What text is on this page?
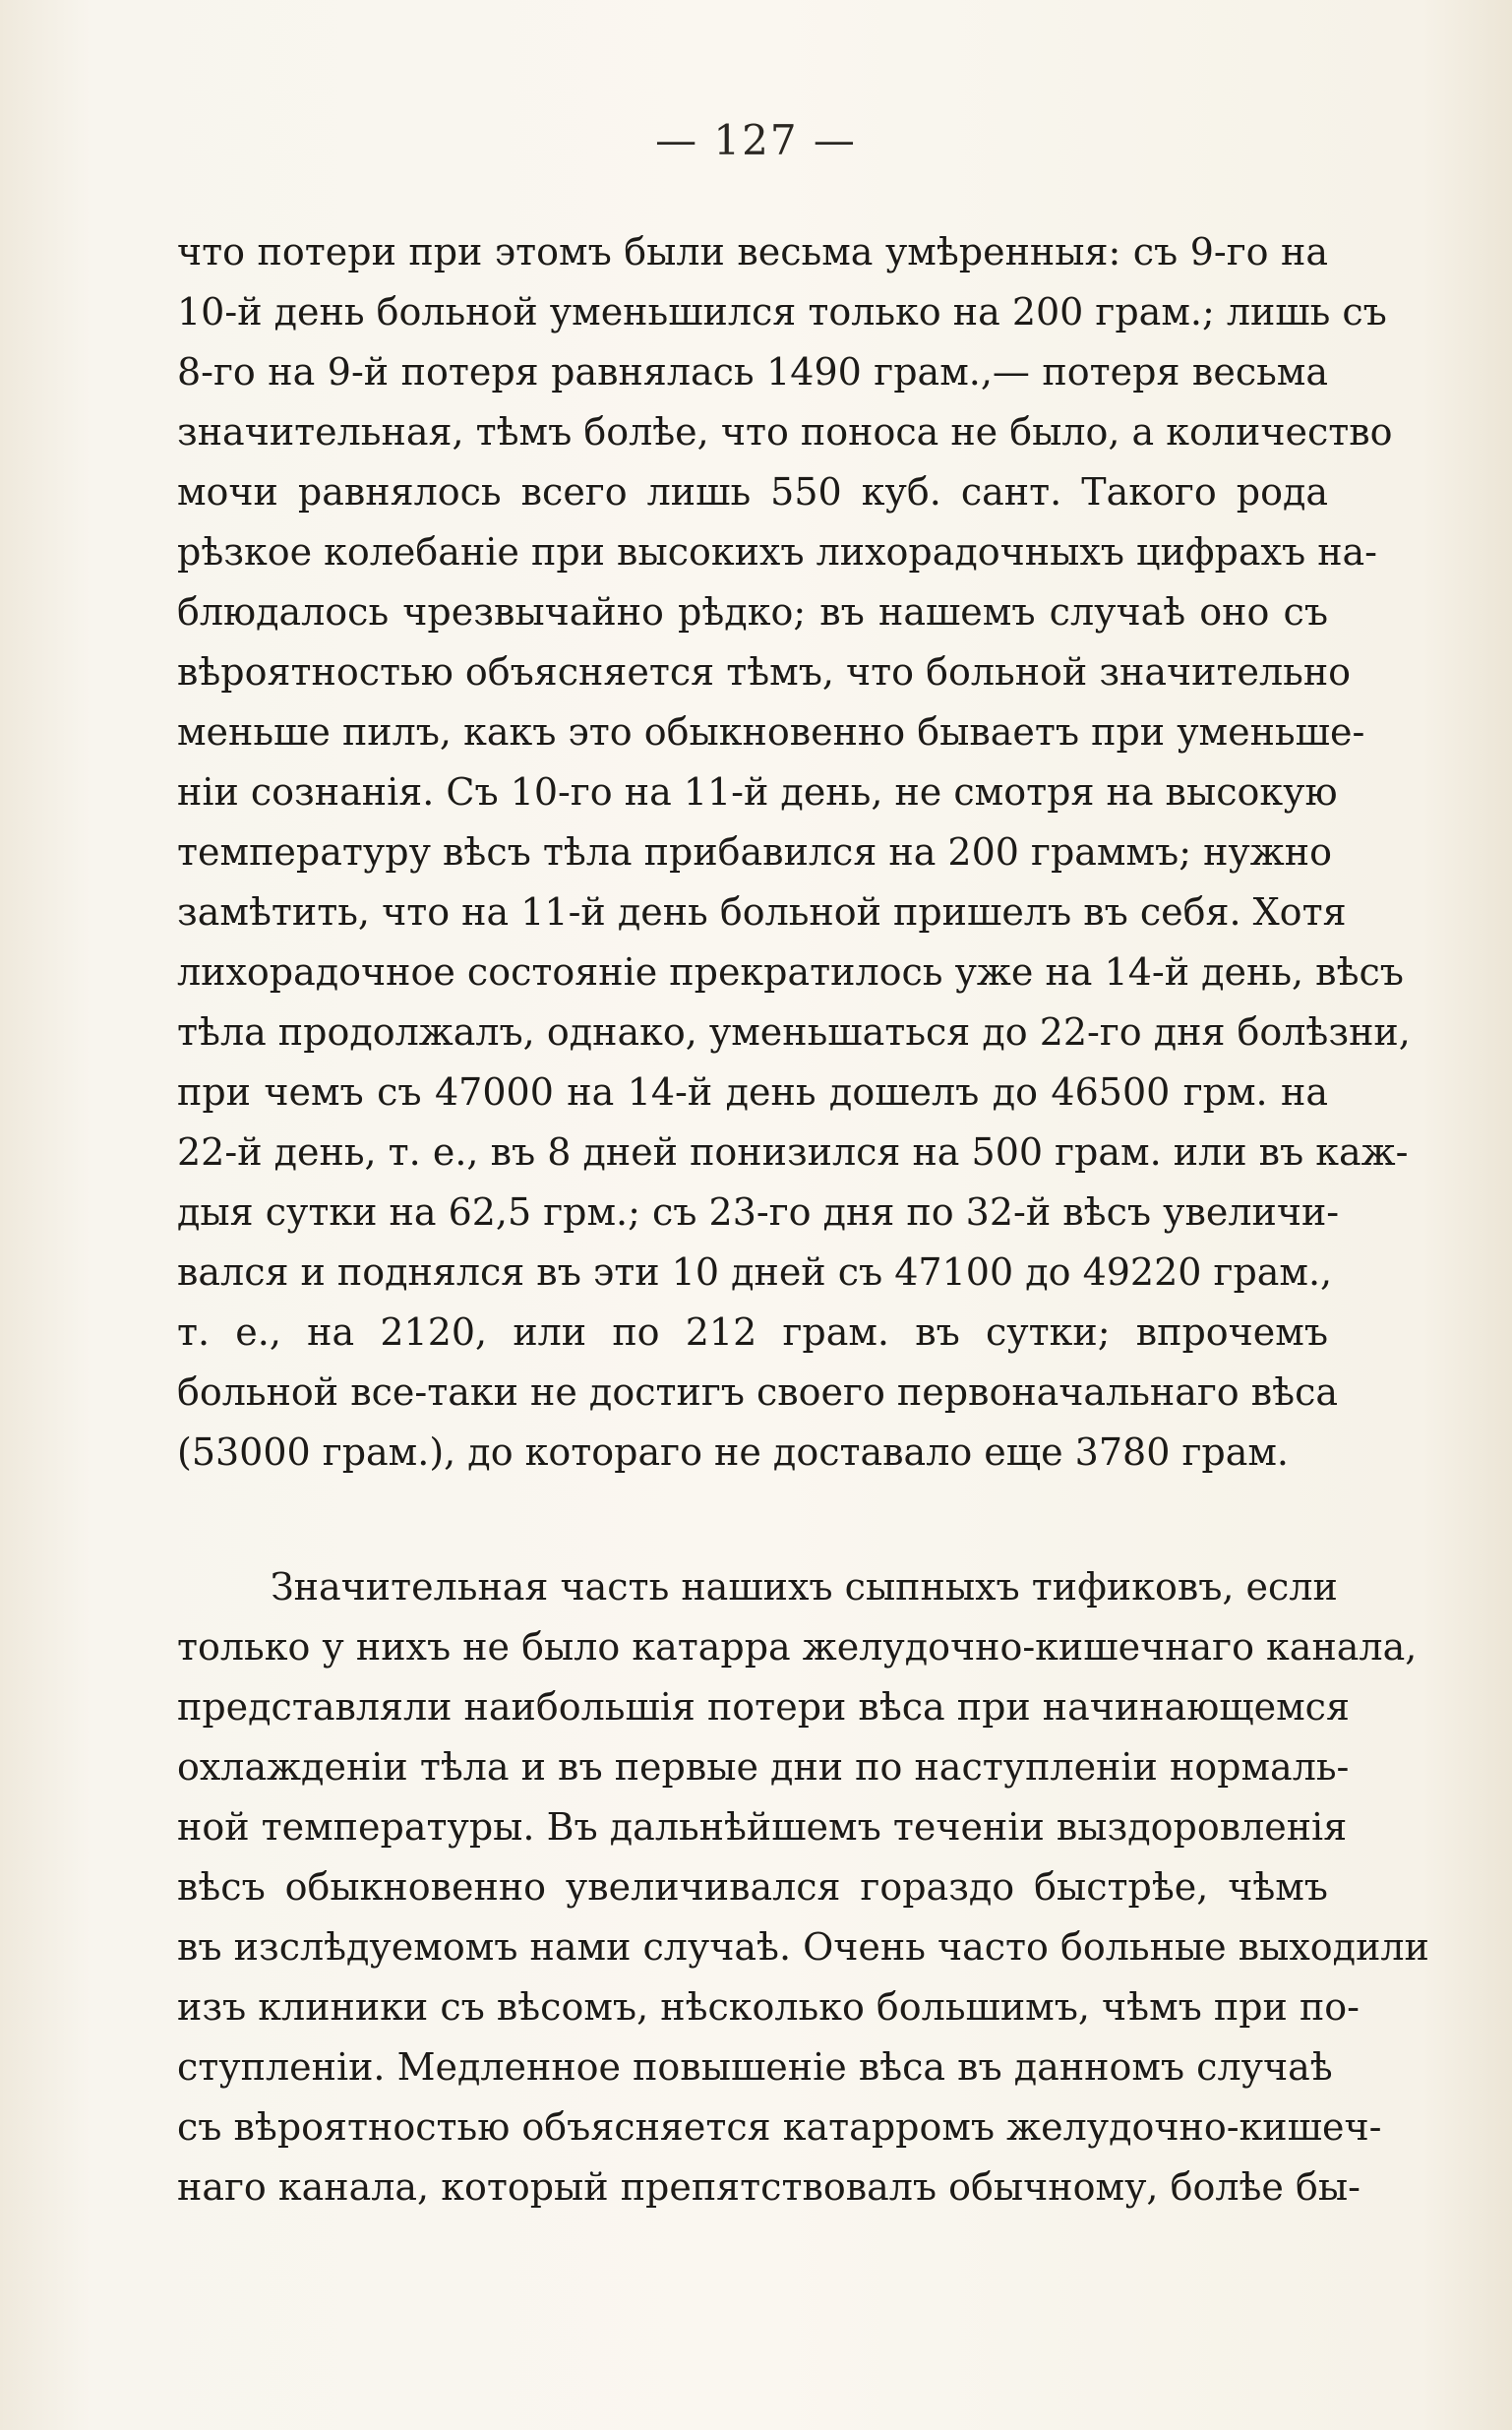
— 127 —
что потери при этомъ были весьма умѣренныя: съ 9-го на
10-й день больной уменьшился только на 200 грам.; лишь съ
8-го на 9-й потеря равнялась 1490 грам.,— потеря весьма
значительная, тѣмъ болѣе, что поноса не было, а количество
мочи равнялось всего лишь 550 куб. сант. Такого рода
рѣзкое колебанiе при высокихъ лихорадочныхъ цифрахъ на-
блюдалось чрезвычайно рѣдко; въ нашемъ случаѣ оно съ
вѣроятностью объясняется тѣмъ, что больной значительно
меньше пилъ, какъ это обыкновенно бываетъ при уменьше-
нiи сознанiя. Съ 10-го на 11-й день, не смотря на высокую
температуру вѣсъ тѣла прибавился на 200 граммъ; нужно
замѣтить, что на 11-й день больной пришелъ въ себя. Хотя
лихорадочное состоянiе прекратилось уже на 14-й день, вѣсъ
тѣла продолжалъ, однако, уменьшаться до 22-го дня болѣзни,
при чемъ съ 47000 на 14-й день дошелъ до 46500 грм. на
22-й день, т. е., въ 8 дней понизился на 500 грам. или въ каж-
дыя сутки на 62,5 грм.; съ 23-го дня по 32-й вѣсъ увеличи-
вался и поднялся въ эти 10 дней съ 47100 до 49220 грам.,
т. е., на 2120, или по 212 грам. въ сутки; впрочемъ
больной все-таки не достигъ своего первоначальнаго вѣса
(53000 грам.), до котораго не доставало еще 3780 грам.
Значительная часть нашихъ сыпныхъ тификовъ, если
только у нихъ не было катарра желудочно-кишечнаго канала,
представляли наибольшiя потери вѣса при начинающемся
охлажденiи тѣла и въ первые дни по наступленiи нормаль-
ной температуры. Въ дальнѣйшемъ теченiи выздоровленiя
вѣсъ обыкновенно увеличивался гораздо быстрѣе, чѣмъ
въ изслѣдуемомъ нами случаѣ. Очень часто больные выходили
изъ клиники съ вѣсомъ, нѣсколько большимъ, чѣмъ при по-
ступленiи. Медленное повышенiе вѣса въ данномъ случаѣ
съ вѣроятностью объясняется катарромъ желудочно-кишеч-
наго канала, который препятствовалъ обычному, болѣе бы-
